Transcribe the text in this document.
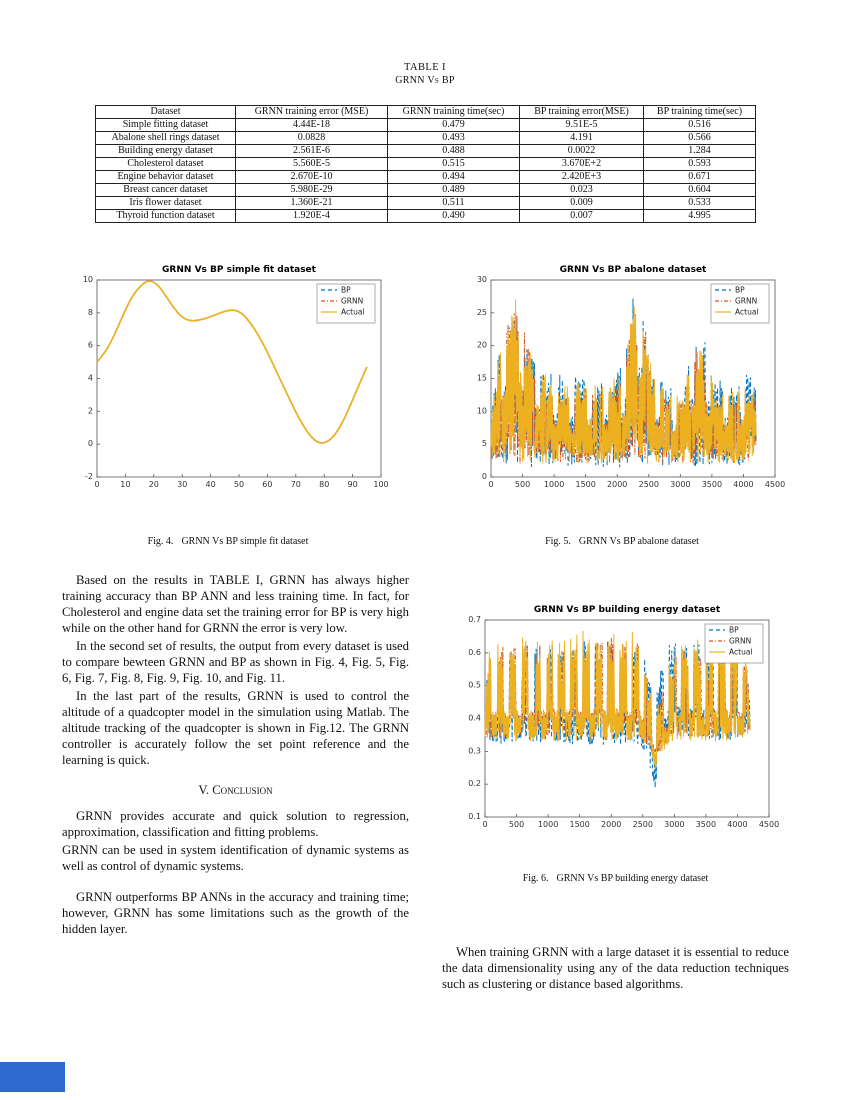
TABLE I
GRNN Vs BP
Dataset	GRNN training error (MSE)	GRNN training time(sec)	BP training error(MSE)	BP training time(sec)
Simple fitting dataset	4.44E-18	0.479	9.51E-5	0.516
Abalone shell rings dataset	0.0828	0.493	4.191	0.566
Building energy dataset	2.561E-6	0.488	0.0022	1.284
Cholesterol dataset	5.560E-5	0.515	3.670E+2	0.593
Engine behavior dataset	2.670E-10	0.494	2.420E+3	0.671
Breast cancer dataset	5.980E-29	0.489	0.023	0.604
Iris flower dataset	1.360E-21	0.511	0.009	0.533
Thyroid function dataset	1.920E-4	0.490	0.007	4.995
Fig. 4. GRNN Vs BP simple fit dataset	Fig. 5. GRNN Vs BP abalone dataset

Based on the results in TABLE I, GRNN has always higher training accuracy than BP ANN and less training time. In fact, for Cholesterol and engine data set the training error for BP is very high while on the other hand for GRNN the error is very low.

In the second set of results, the output from every dataset is used to compare bewteen GRNN and BP as shown in Fig. 4, Fig. 5, Fig. 6, Fig. 7, Fig. 8, Fig. 9, Fig. 10, and Fig. 11.

In the last part of the results, GRNN is used to control the altitude of a quadcopter model in the simulation using Matlab. The altitude tracking of the quadcopter is shown in Fig.12. The GRNN controller is accurately follow the set point reference and the learning is quick.

V. Conclusion

GRNN provides accurate and quick solution to regression, approximation, classification and fitting problems.

GRNN can be used in system identification of dynamic systems as well as control of dynamic systems.

GRNN outperforms BP ANNs in the accuracy and training time; however, GRNN has some limitations such as the growth of the hidden layer.

Fig. 6. GRNN Vs BP building energy dataset

When training GRNN with a large dataset it is essential to reduce the data dimensionality using any of the data reduction techniques such as clustering or distance based algorithms.
